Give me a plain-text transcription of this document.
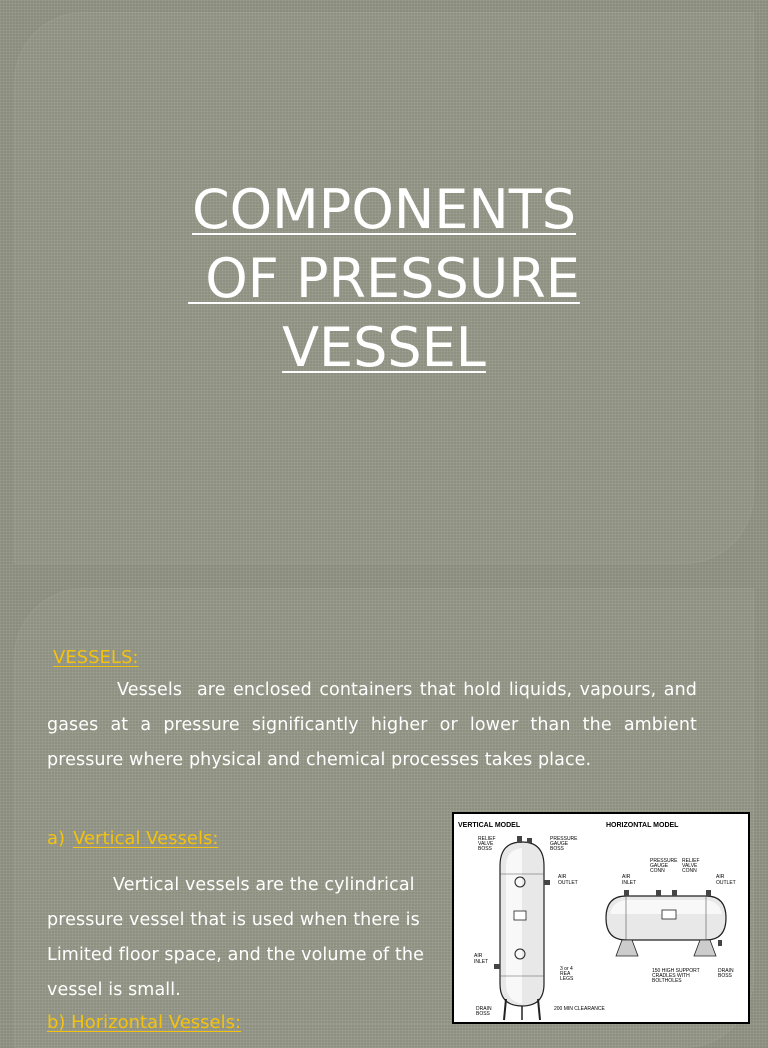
COMPONENTS
OF PRESSURE
VESSEL
VESSELS:
Vessels  are enclosed containers that hold liquids, vapours, and gases at a pressure significantly higher or lower than the ambient pressure where physical and chemical processes takes place.
a) Vertical Vessels:
Vertical vessels are the cylindrical pressure vessel that is used when there is Limited floor space, and the volume of the vessel is small.
b) Horizontal Vessels:
VERTICAL MODEL	HORIZONTAL MODEL
RELIEF VALVE BOSS
PRESSURE GAUGE BOSS
AIR OUTLET
AIR INLET
3 or 4 REA LEGS
DRAIN BOSS
200 MIN CLEARANCE
PRESSURE GAUGE CONN
RELIEF VALVE CONN
AIR INLET
AIR OUTLET
150 HIGH SUPPORT CRADLES WITH BOLTHOLES
DRAIN BOSS
